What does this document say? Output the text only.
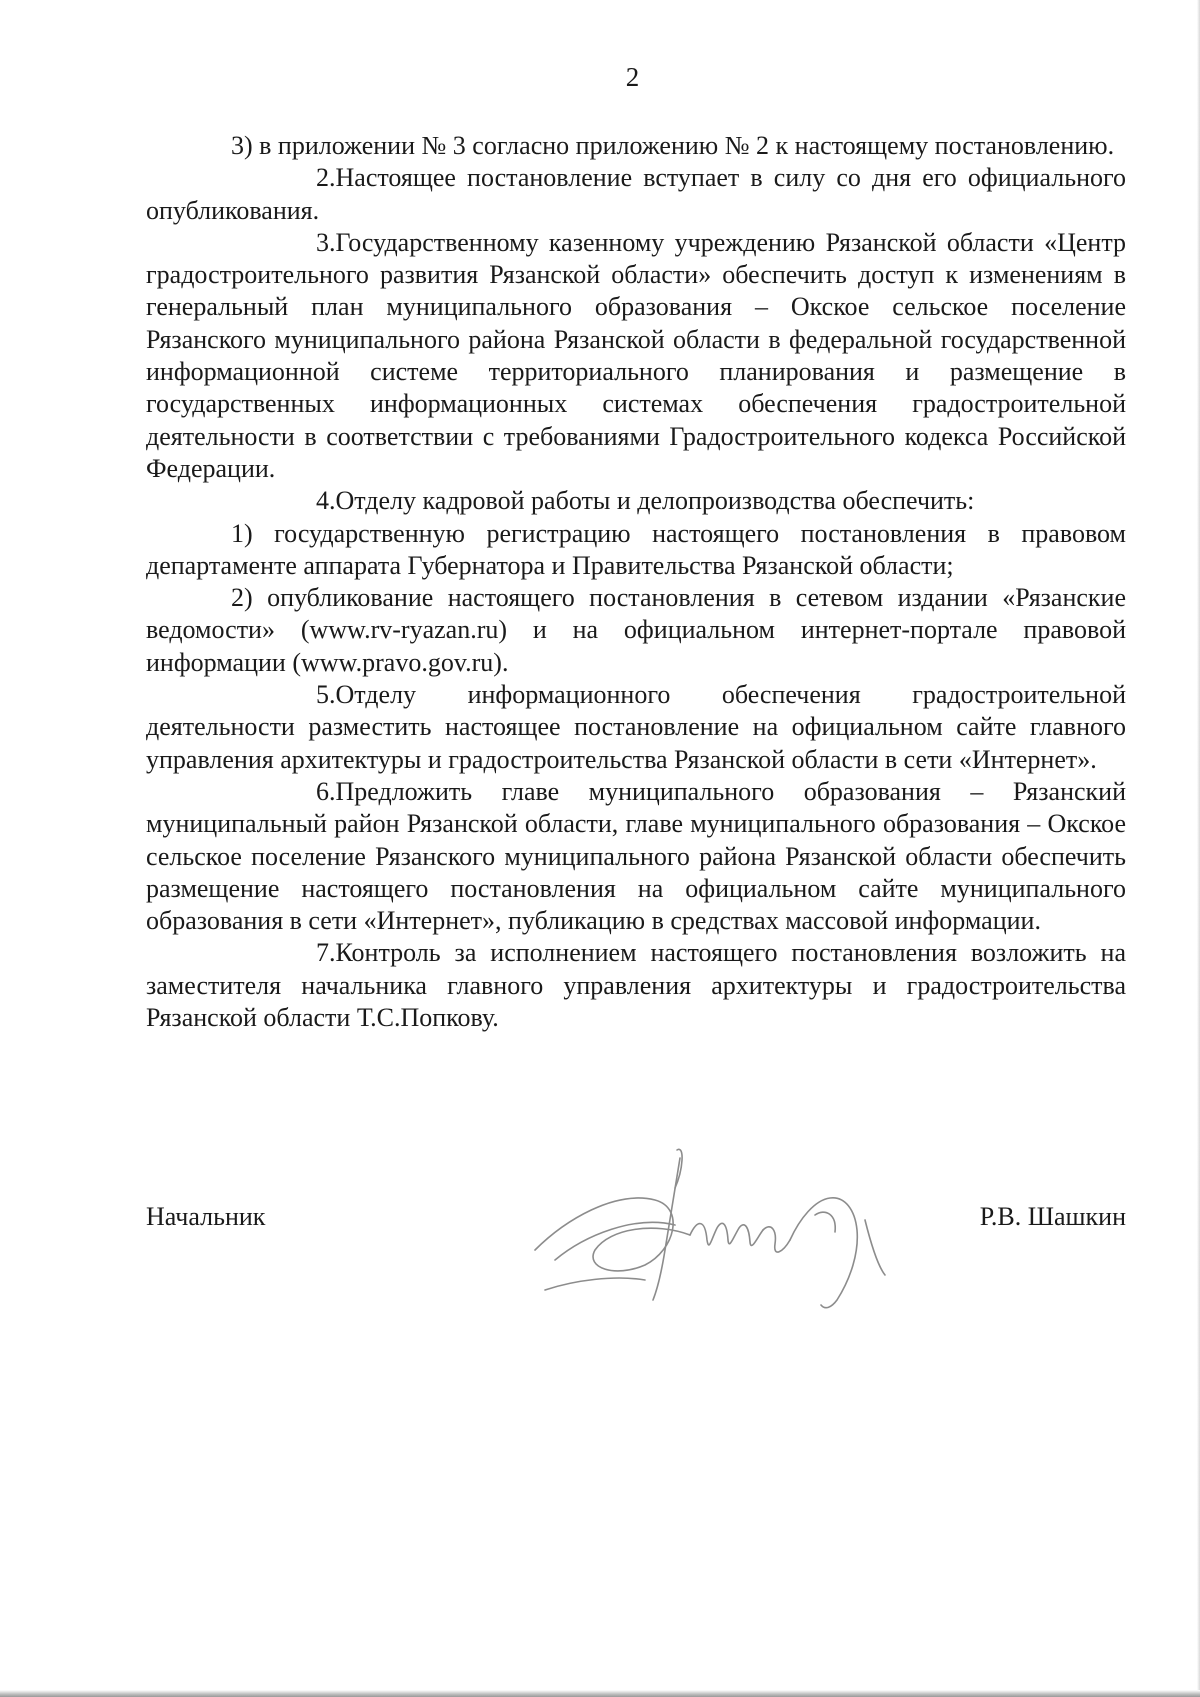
2

3) в приложении № 3 согласно приложению № 2 к настоящему постановлению.

2.Настоящее постановление вступает в силу со дня его официального опубликования.

3.Государственному казенному учреждению Рязанской области «Центр градостроительного развития Рязанской области» обеспечить доступ к изменениям в генеральный план муниципального образования – Окское сельское поселение Рязанского муниципального района Рязанской области в федеральной государственной информационной системе территориального планирования и размещение в государственных информационных системах обеспечения градостроительной деятельности в соответствии с требованиями Градостроительного кодекса Российской Федерации.

4.Отделу кадровой работы и делопроизводства обеспечить:

1) государственную регистрацию настоящего постановления в правовом департаменте аппарата Губернатора и Правительства Рязанской области;

2) опубликование настоящего постановления в сетевом издании «Рязанские ведомости» (www.rv-ryazan.ru) и на официальном интернет-портале правовой информации (www.pravo.gov.ru).

5.Отделу информационного обеспечения градостроительной деятельности разместить настоящее постановление на официальном сайте главного управления архитектуры и градостроительства Рязанской области в сети «Интернет».

6.Предложить главе муниципального образования – Рязанский муниципальный район Рязанской области, главе муниципального образования – Окское сельское поселение Рязанского муниципального района Рязанской области обеспечить размещение настоящего постановления на официальном сайте муниципального образования в сети «Интернет», публикацию в средствах массовой информации.

7.Контроль за исполнением настоящего постановления возложить на заместителя начальника главного управления архитектуры и градостроительства Рязанской области Т.С.Попкову.

Начальник	Р.В. Шашкин
